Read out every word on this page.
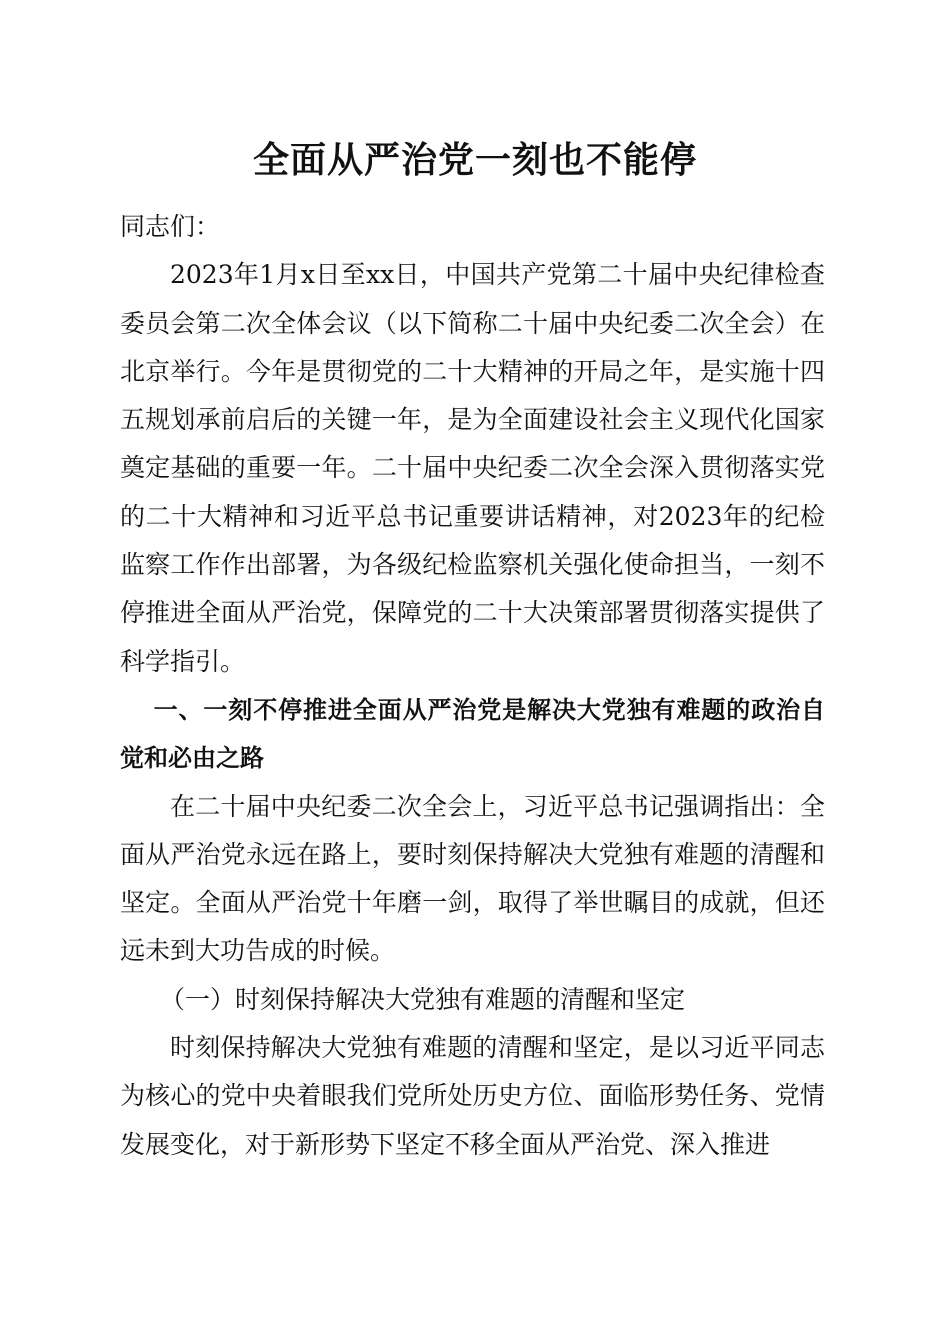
全面从严治党一刻也不能停

同志们：

2023年1月x日至xx日，中国共产党第二十届中央纪律检查委员会第二次全体会议（以下简称二十届中央纪委二次全会）在北京举行。今年是贯彻党的二十大精神的开局之年，是实施十四五规划承前启后的关键一年，是为全面建设社会主义现代化国家奠定基础的重要一年。二十届中央纪委二次全会深入贯彻落实党的二十大精神和习近平总书记重要讲话精神，对2023年的纪检监察工作作出部署，为各级纪检监察机关强化使命担当，一刻不停推进全面从严治党，保障党的二十大决策部署贯彻落实提供了科学指引。

一、一刻不停推进全面从严治党是解决大党独有难题的政治自觉和必由之路

在二十届中央纪委二次全会上，习近平总书记强调指出：全面从严治党永远在路上，要时刻保持解决大党独有难题的清醒和坚定。全面从严治党十年磨一剑，取得了举世瞩目的成就，但还远未到大功告成的时候。

（一）时刻保持解决大党独有难题的清醒和坚定

时刻保持解决大党独有难题的清醒和坚定，是以习近平同志为核心的党中央着眼我们党所处历史方位、面临形势任务、党情发展变化，对于新形势下坚定不移全面从严治党、深入推进
